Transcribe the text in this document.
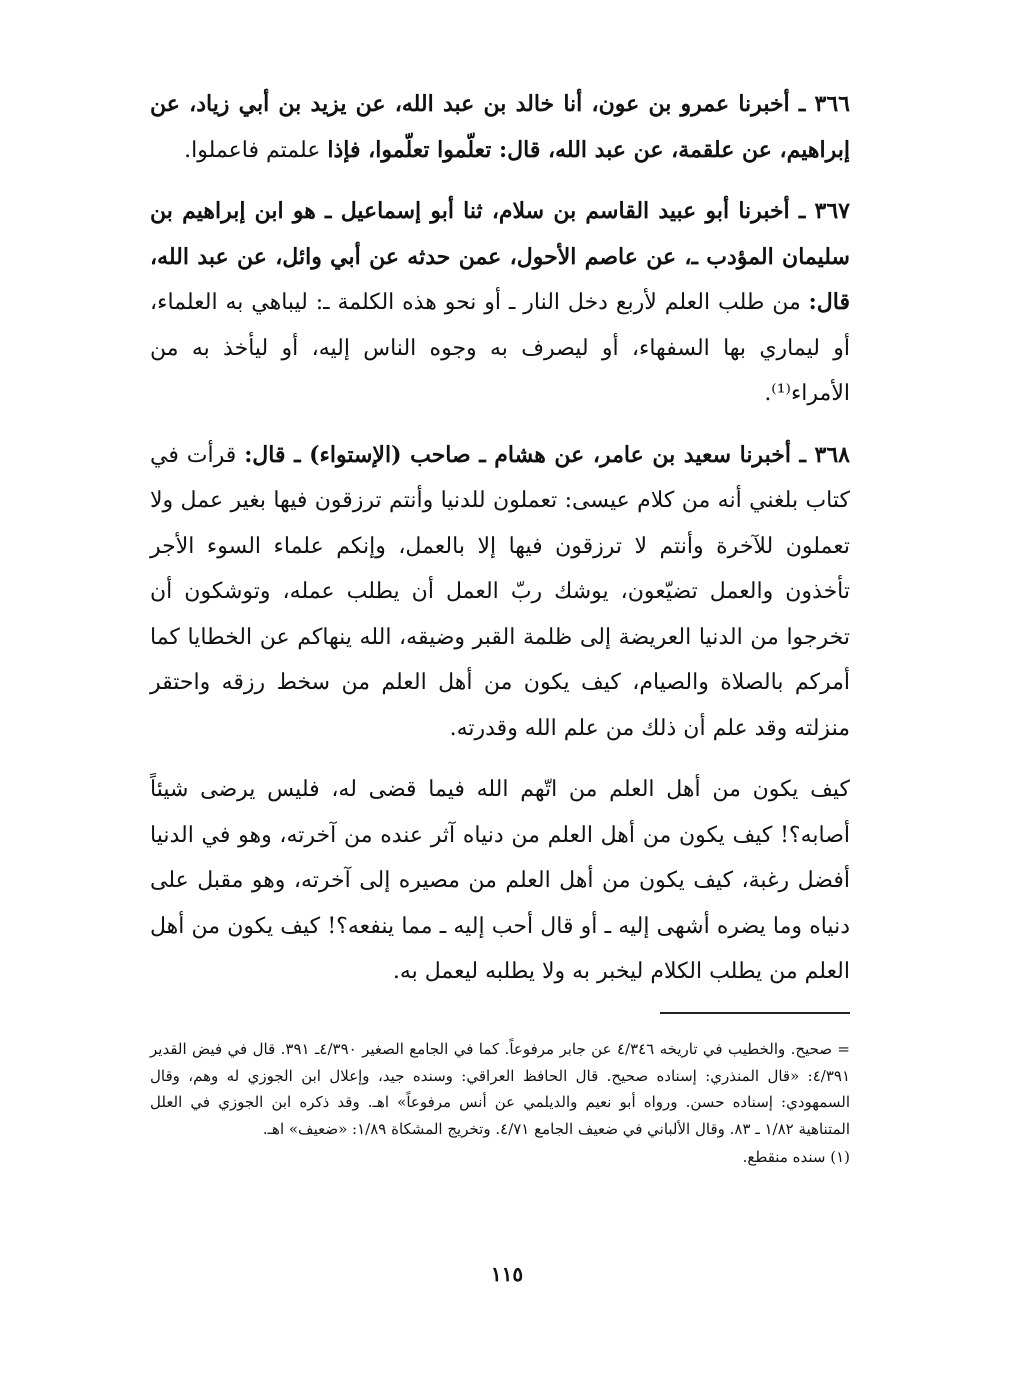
٣٦٦ ـ أخبرنا عمرو بن عون، أنا خالد بن عبد الله، عن يزيد بن أبي زياد، عن إبراهيم، عن علقمة، عن عبد الله، قال: تعلّموا تعلّموا، فإذا علمتم فاعملوا.

٣٦٧ ـ أخبرنا أبو عبيد القاسم بن سلام، ثنا أبو إسماعيل ـ هو ابن إبراهيم بن سليمان المؤدب ـ، عن عاصم الأحول، عمن حدثه عن أبي وائل، عن عبد الله، قال: من طلب العلم لأربع دخل النار ـ أو نحو هذه الكلمة ـ: ليباهي به العلماء، أو ليماري بها السفهاء، أو ليصرف به وجوه الناس إليه، أو ليأخذ به من الأمراء⁽¹⁾.

٣٦٨ ـ أخبرنا سعيد بن عامر، عن هشام ـ صاحب (الإستواء) ـ قال: قرأت في كتاب بلغني أنه من كلام عيسى: تعملون للدنيا وأنتم ترزقون فيها بغير عمل ولا تعملون للآخرة وأنتم لا ترزقون فيها إلا بالعمل، وإنكم علماء السوء الأجر تأخذون والعمل تضيّعون، يوشك ربّ العمل أن يطلب عمله، وتوشكون أن تخرجوا من الدنيا العريضة إلى ظلمة القبر وضيقه، الله ينهاكم عن الخطايا كما أمركم بالصلاة والصيام، كيف يكون من أهل العلم من سخط رزقه واحتقر منزلته وقد علم أن ذلك من علم الله وقدرته.

كيف يكون من أهل العلم من اتّهم الله فيما قضى له، فليس يرضى شيئاً أصابه؟! كيف يكون من أهل العلم من دنياه آثر عنده من آخرته، وهو في الدنيا أفضل رغبة، كيف يكون من أهل العلم من مصيره إلى آخرته، وهو مقبل على دنياه وما يضره أشهى إليه ـ أو قال أحب إليه ـ مما ينفعه؟! كيف يكون من أهل العلم من يطلب الكلام ليخبر به ولا يطلبه ليعمل به.

= صحيح. والخطيب في تاريخه ٤/٣٤٦ عن جابر مرفوعاً. كما في الجامع الصغير ٤/٣٩٠ـ ٣٩١. قال في فيض القدير ٤/٣٩١: «قال المنذري: إسناده صحيح. قال الحافظ العراقي: وسنده جيد، وإعلال ابن الجوزي له وهم، وقال السمهودي: إسناده حسن. ورواه أبو نعيم والديلمي عن أنس مرفوعاً» اهـ. وقد ذكره ابن الجوزي في العلل المتناهية ١/٨٢ ـ ٨٣. وقال الألباني في ضعيف الجامع ٤/٧١. وتخريج المشكاة ١/٨٩: «ضعيف» اهـ.

(١) سنده منقطع.

١١٥
